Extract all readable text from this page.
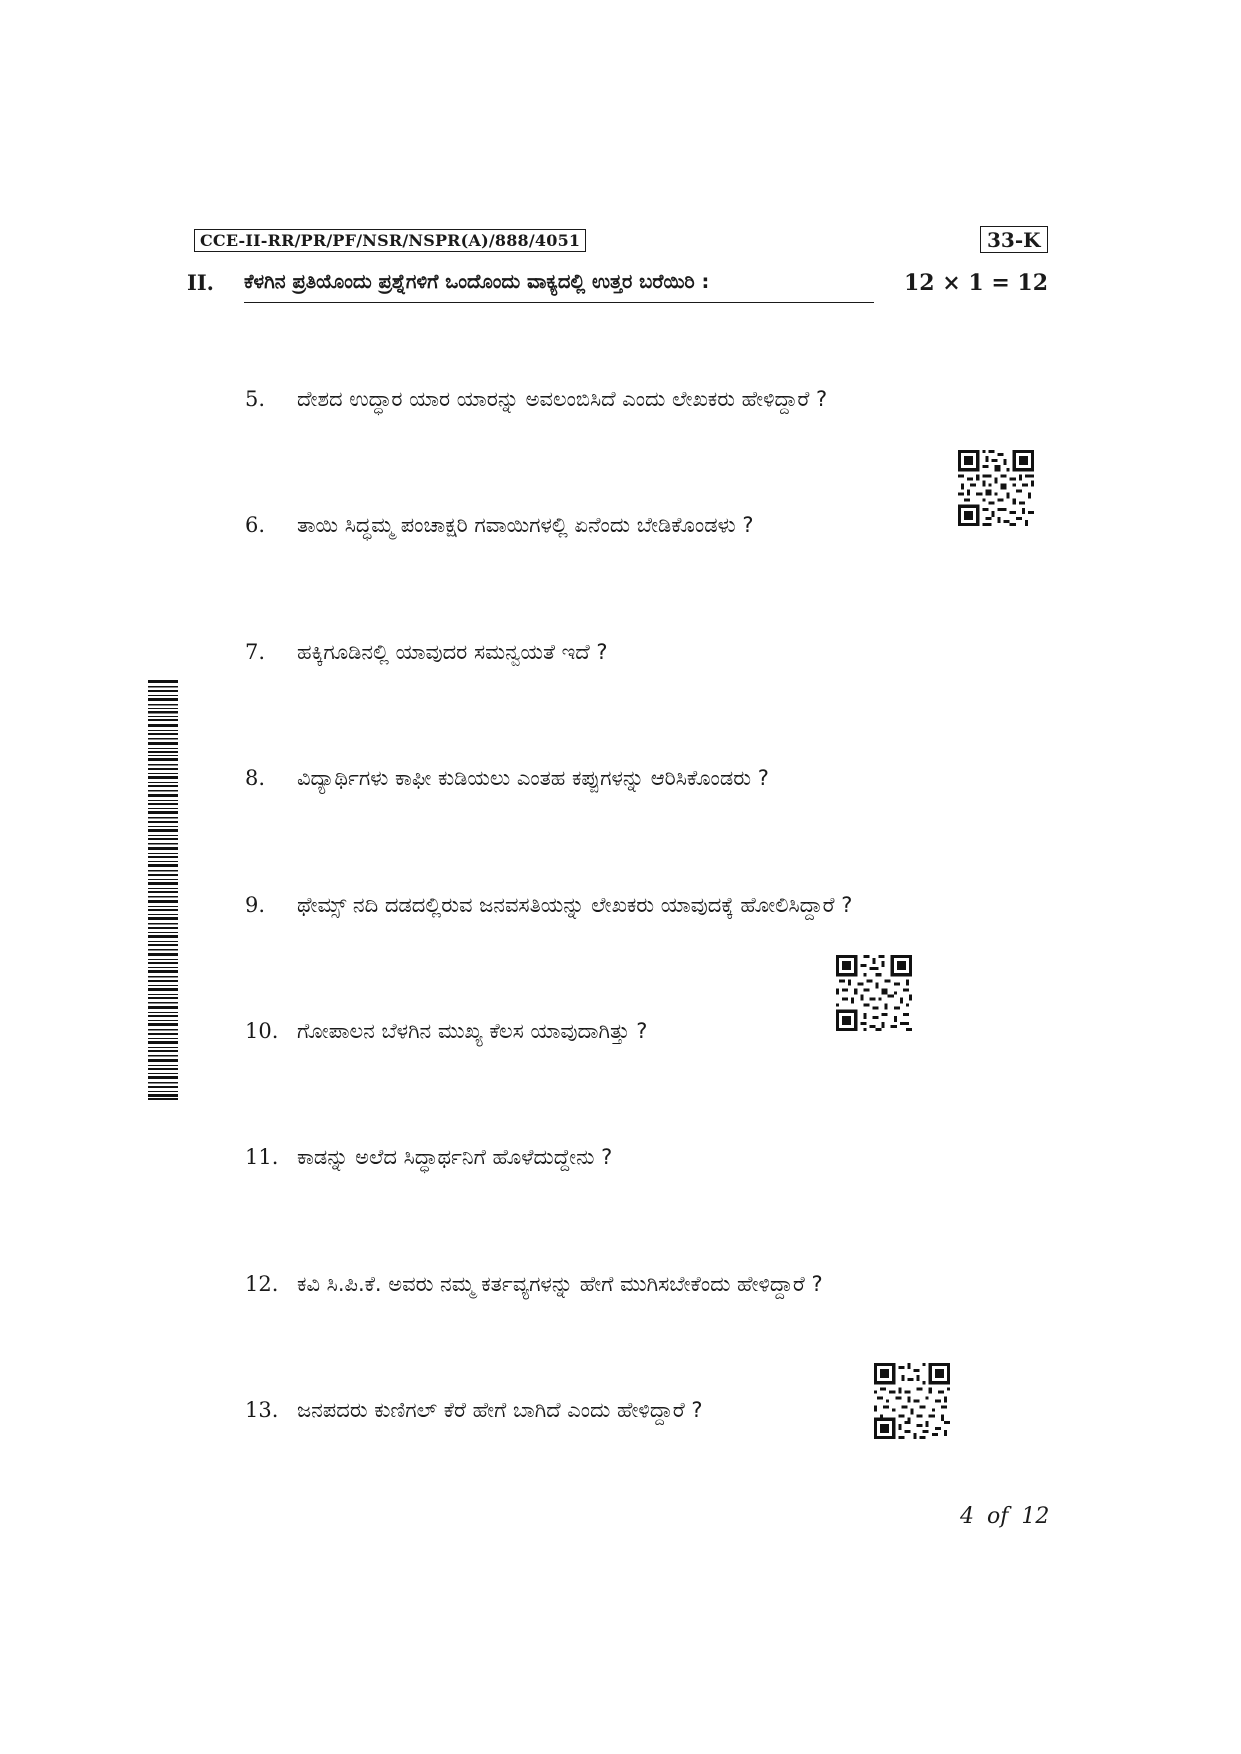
CCE-II-RR/PR/PF/NSR/NSPR(A)/888/4051	33-K
II. ಕೆಳಗಿನ ಪ್ರತಿಯೊಂದು ಪ್ರಶ್ನೆಗಳಿಗೆ ಒಂದೊಂದು ವಾಕ್ಯದಲ್ಲಿ ಉತ್ತರ ಬರೆಯಿರಿ :	12 × 1 = 12
5. ದೇಶದ ಉದ್ಧಾರ ಯಾರ ಯಾರನ್ನು ಅವಲಂಬಿಸಿದೆ ಎಂದು ಲೇಖಕರು ಹೇಳಿದ್ದಾರೆ ?
6. ತಾಯಿ ಸಿದ್ಧಮ್ಮ ಪಂಚಾಕ್ಷರಿ ಗವಾಯಿಗಳಲ್ಲಿ ಏನೆಂದು ಬೇಡಿಕೊಂಡಳು ?
7. ಹಕ್ಕಿಗೂಡಿನಲ್ಲಿ ಯಾವುದರ ಸಮನ್ವಯತೆ ಇದೆ ?
8. ವಿದ್ಯಾರ್ಥಿಗಳು ಕಾಫೀ ಕುಡಿಯಲು ಎಂತಹ ಕಪ್ಪುಗಳನ್ನು ಆರಿಸಿಕೊಂಡರು ?
9. ಥೇಮ್ಸ್ ನದಿ ದಡದಲ್ಲಿರುವ ಜನವಸತಿಯನ್ನು ಲೇಖಕರು ಯಾವುದಕ್ಕೆ ಹೋಲಿಸಿದ್ದಾರೆ ?
10. ಗೋಪಾಲನ ಬೆಳಗಿನ ಮುಖ್ಯ ಕೆಲಸ ಯಾವುದಾಗಿತ್ತು ?
11. ಕಾಡನ್ನು ಅಲೆದ ಸಿದ್ಧಾರ್ಥನಿಗೆ ಹೊಳೆದುದ್ದೇನು ?
12. ಕವಿ ಸಿ.ಪಿ.ಕೆ. ಅವರು ನಮ್ಮ ಕರ್ತವ್ಯಗಳನ್ನು ಹೇಗೆ ಮುಗಿಸಬೇಕೆಂದು ಹೇಳಿದ್ದಾರೆ ?
13. ಜನಪದರು ಕುಣಿಗಲ್ ಕೆರೆ ಹೇಗೆ ಬಾಗಿದೆ ಎಂದು ಹೇಳಿದ್ದಾರೆ ?
4 of 12
